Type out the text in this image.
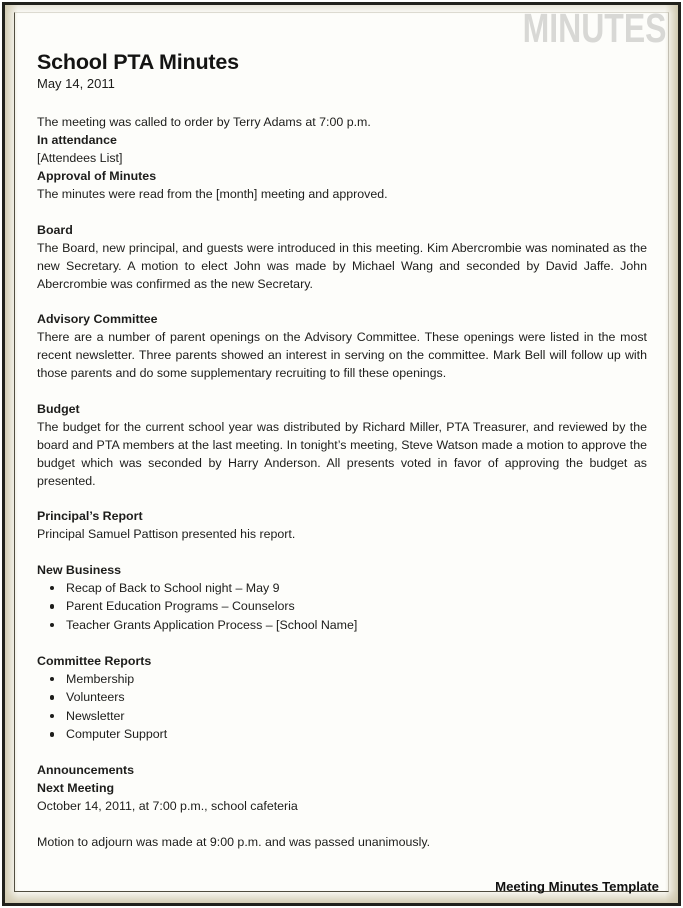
MINUTES
School PTA Minutes
May 14, 2011

The meeting was called to order by Terry Adams at 7:00 p.m.

In attendance

[Attendees List]

Approval of Minutes

The minutes were read from the [month] meeting and approved.

Board

The Board, new principal, and guests were introduced in this meeting. Kim Abercrombie was nominated as the new Secretary. A motion to elect John was made by Michael Wang and seconded by David Jaffe. John Abercrombie was confirmed as the new Secretary.

Advisory Committee

There are a number of parent openings on the Advisory Committee. These openings were listed in the most recent newsletter. Three parents showed an interest in serving on the committee. Mark Bell will follow up with those parents and do some supplementary recruiting to fill these openings.

Budget

The budget for the current school year was distributed by Richard Miller, PTA Treasurer, and reviewed by the board and PTA members at the last meeting. In tonight’s meeting, Steve Watson made a motion to approve the budget which was seconded by Harry Anderson. All presents voted in favor of approving the budget as presented.

Principal’s Report

Principal Samuel Pattison presented his report.

New Business

Recap of Back to School night – May 9
Parent Education Programs – Counselors
Teacher Grants Application Process – [School Name]

Committee Reports

Membership
Volunteers
Newsletter
Computer Support

Announcements

Next Meeting

October 14, 2011, at 7:00 p.m., school cafeteria

Motion to adjourn was made at 9:00 p.m. and was passed unanimously.

Meeting Minutes Template
